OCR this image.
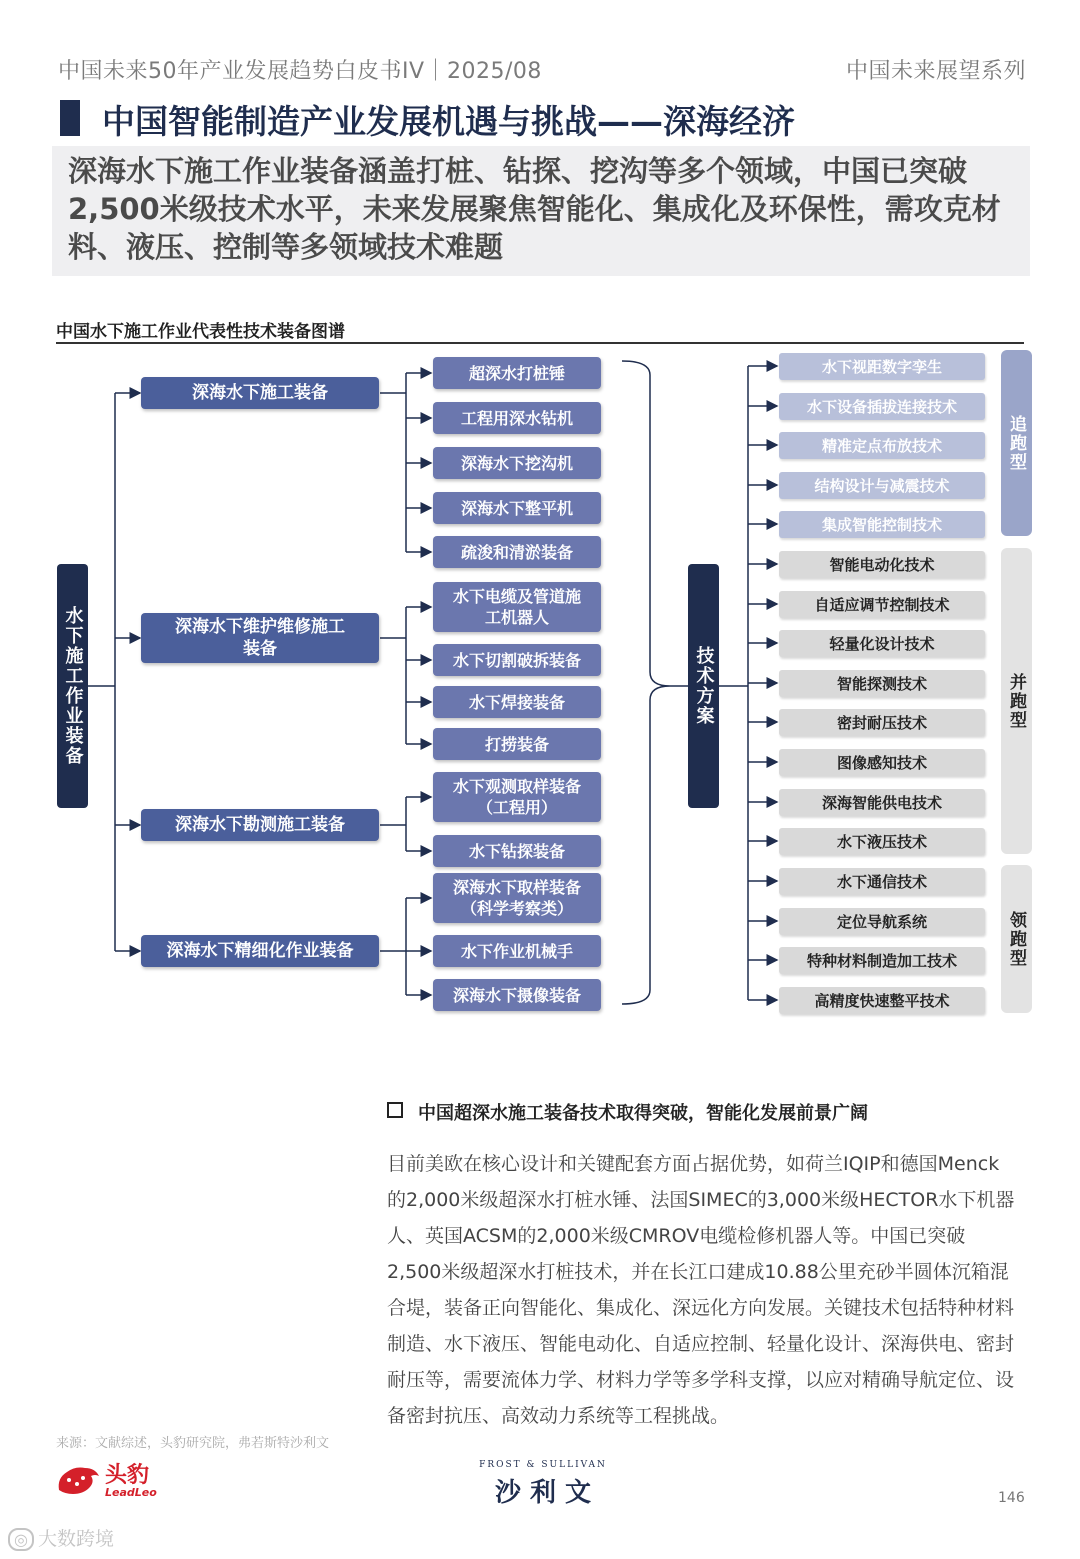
中国未来50年产业发展趋势白皮书IV｜2025/08	中国未来展望系列
中国智能制造产业发展机遇与挑战——深海经济
深海水下施工作业装备涵盖打桩、钻探、挖沟等多个领域，中国已突破2,500米级技术水平，未来发展聚焦智能化、集成化及环保性，需攻克材料、液压、控制等多领域技术难题
中国水下施工作业代表性技术装备图谱
水下施工作业装备
深海水下施工装备
深海水下维护维修施工装备
深海水下勘测施工装备
深海水下精细化作业装备
超深水打桩锤
工程用深水钻机
深海水下挖沟机
深海水下整平机
疏浚和清淤装备
水下电缆及管道施工机器人
水下切割破拆装备
水下焊接装备
打捞装备
水下观测取样装备（工程用）
水下钻探装备
深海水下取样装备（科学考察类）
水下作业机械手
深海水下摄像装备
技术方案
追跑型
并跑型
领跑型
水下视距数字孪生
水下设备插拔连接技术
精准定点布放技术
结构设计与减震技术
集成智能控制技术
智能电动化技术
自适应调节控制技术
轻量化设计技术
智能探测技术
密封耐压技术
图像感知技术
深海智能供电技术
水下液压技术
水下通信技术
定位导航系统
特种材料制造加工技术
高精度快速整平技术
中国超深水施工装备技术取得突破，智能化发展前景广阔
目前美欧在核心设计和关键配套方面占据优势，如荷兰IQIP和德国Menck的2,000米级超深水打桩水锤、法国SIMEC的3,000米级HECTOR水下机器人、英国ACSM的2,000米级CMROV电缆检修机器人等。中国已突破2,500米级超深水打桩技术，并在长江口建成10.88公里充砂半圆体沉箱混合堤，装备正向智能化、集成化、深远化方向发展。关键技术包括特种材料制造、水下液压、智能电动化、自适应控制、轻量化设计、深海供电、密封耐压等，需要流体力学、材料力学等多学科支撑，以应对精确导航定位、设备密封抗压、高效动力系统等工程挑战。
来源：文献综述，头豹研究院，弗若斯特沙利文
头豹
LeadLeo
FROST & SULLIVAN
沙 利 文	146
◎ 大数跨境
